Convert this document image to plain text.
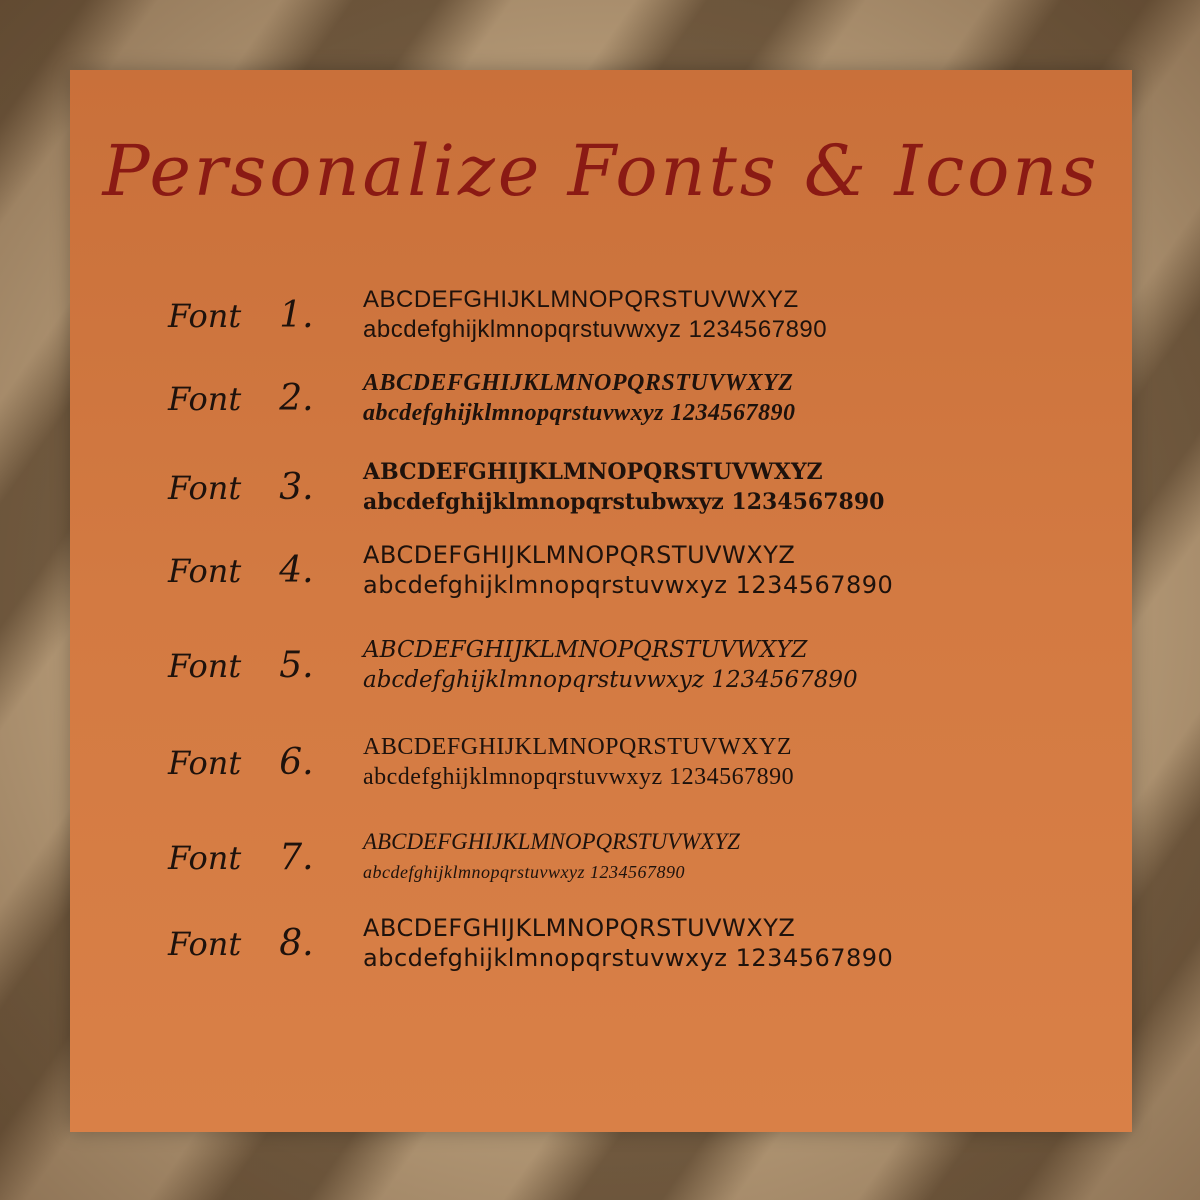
Personalize Fonts & Icons
Font 1. ABCDEFGHIJKLMNOPQRSTUVWXYZ
abcdefghijklmnopqrstuvwxyz 1234567890
Font 2. ABCDEFGHIJKLMNOPQRSTUVWXYZ
abcdefghijklmnopqrstuvwxyz 1234567890
Font 3. ABCDEFGHIJKLMNOPQRSTUVWXYZ
abcdefghijklmnopqrstubwxyz 1234567890
Font 4. ABCDEFGHIJKLMNOPQRSTUVWXYZ
abcdefghijklmnopqrstuvwxyz 1234567890
Font 5. ABCDEFGHIJKLMNOPQRSTUVWXYZ
abcdefghijklmnopqrstuvwxyz 1234567890
Font 6. ABCDEFGHIJKLMNOPQRSTUVWXYZ
abcdefghijklmnopqrstuvwxyz 1234567890
Font 7. ABCDEFGHIJKLMNOPQRSTUVWXYZ
abcdefghijklmnopqrstuvwxyz 1234567890
Font 8. ABCDEFGHIJKLMNOPQRSTUVWXYZ
abcdefghijklmnopqrstuvwxyz 1234567890
